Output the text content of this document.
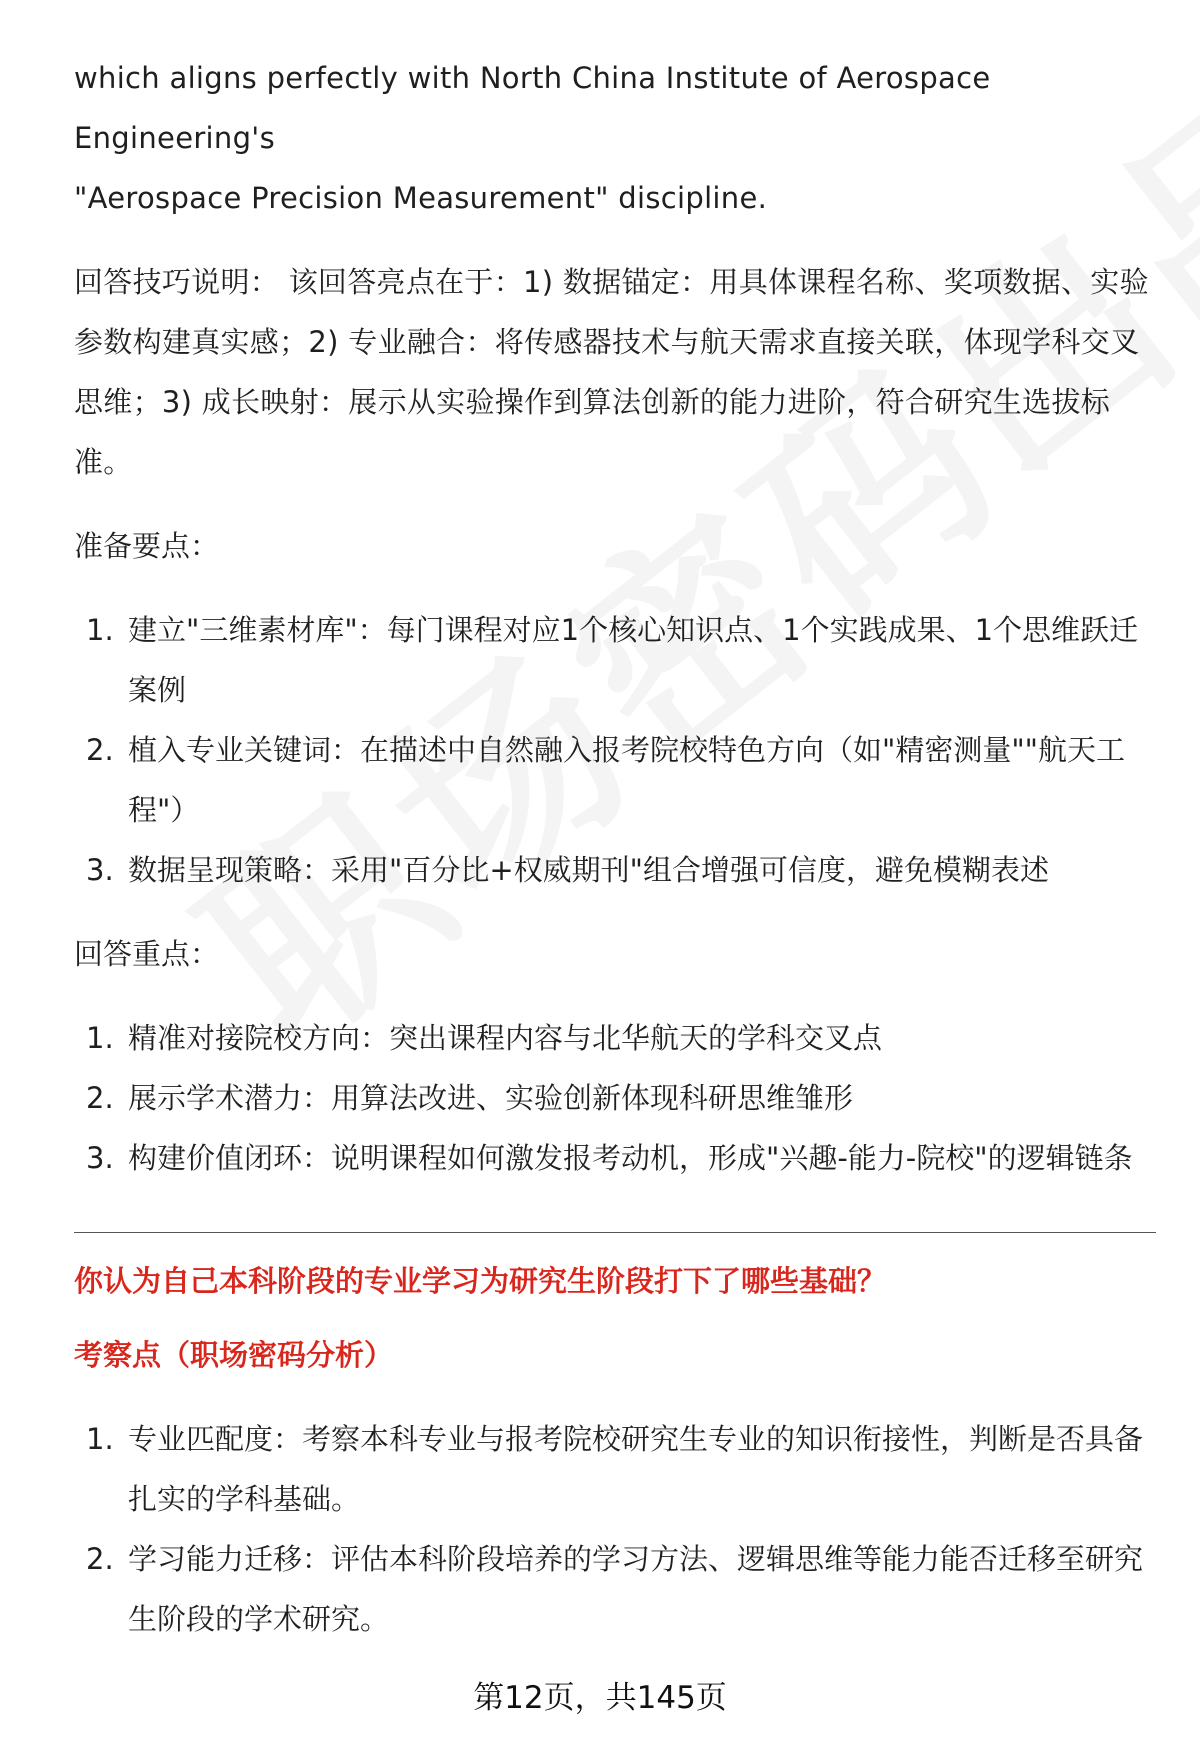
which aligns perfectly with North China Institute of Aerospace Engineering's

"Aerospace Precision Measurement" discipline.

回答技巧说明： 该回答亮点在于：1) 数据锚定：用具体课程名称、奖项数据、实验参数构建真实感；2) 专业融合：将传感器技术与航天需求直接关联，体现学科交叉思维；3) 成长映射：展示从实验操作到算法创新的能力进阶，符合研究生选拔标准。

准备要点：

1. 建立"三维素材库"：每门课程对应1个核心知识点、1个实践成果、1个思维跃迁案例
2. 植入专业关键词：在描述中自然融入报考院校特色方向（如"精密测量""航天工程"）
3. 数据呈现策略：采用"百分比+权威期刊"组合增强可信度，避免模糊表述

回答重点：

1. 精准对接院校方向：突出课程内容与北华航天的学科交叉点
2. 展示学术潜力：用算法改进、实验创新体现科研思维雏形
3. 构建价值闭环：说明课程如何激发报考动机，形成"兴趣-能力-院校"的逻辑链条

你认为自己本科阶段的专业学习为研究生阶段打下了哪些基础？

考察点（职场密码分析）

1. 专业匹配度：考察本科专业与报考院校研究生专业的知识衔接性，判断是否具备扎实的学科基础。
2. 学习能力迁移：评估本科阶段培养的学习方法、逻辑思维等能力能否迁移至研究生阶段的学术研究。
第12页，共145页
